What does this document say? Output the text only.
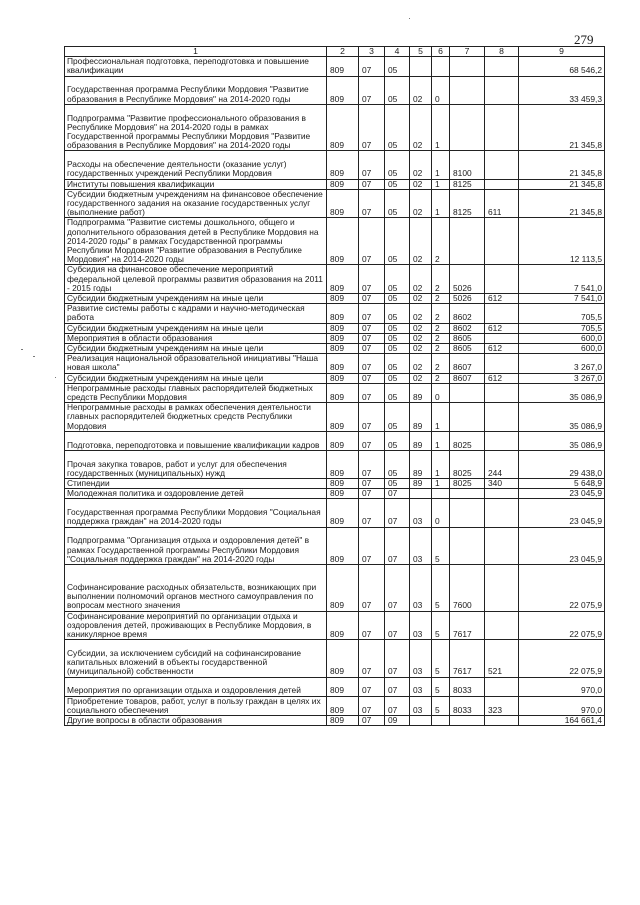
279
1	2	3	4	5	6	7	8	9
Профессиональная подготовка, переподготовка и повышение квалификации	809	07	05					68 546,2
Государственная программа Республики Мордовия "Развитие образования в Республике Мордовия" на 2014-2020 годы	809	07	05	02	0			33 459,3
Подпрограмма "Развитие профессионального образования в Республике Мордовия" на 2014-2020 годы в рамках Государственной программы Республики Мордовия "Развитие образования в Республике Мордовия" на 2014-2020 годы	809	07	05	02	1			21 345,8
Расходы на обеспечение деятельности (оказание услуг) государственных учреждений Республики Мордовия	809	07	05	02	1	8100		21 345,8
Институты повышения квалификации	809	07	05	02	1	8125		21 345,8
Субсидии бюджетным учреждениям на финансовое обеспечение государственного задания на оказание государственных услуг (выполнение работ)	809	07	05	02	1	8125	611	21 345,8
Подпрограмма "Развитие системы дошкольного, общего и дополнительного образования детей в Республике Мордовия на 2014-2020 годы" в рамках Государственной программы Республики Мордовия "Развитие образования в Республике Мордовия" на 2014-2020 годы	809	07	05	02	2			12 113,5
Субсидия на финансовое обеспечение мероприятий федеральной целевой программы развития образования на 2011 - 2015 годы	809	07	05	02	2	5026		7 541,0
Субсидии бюджетным учреждениям на иные цели	809	07	05	02	2	5026	612	7 541,0
Развитие системы работы с кадрами и научно-методическая работа	809	07	05	02	2	8602		705,5
Субсидии бюджетным учреждениям на иные цели	809	07	05	02	2	8602	612	705,5
Мероприятия в области образования	809	07	05	02	2	8605		600,0
Субсидии бюджетным учреждениям на иные цели	809	07	05	02	2	8605	612	600,0
Реализация национальной образовательной инициативы "Наша новая школа"	809	07	05	02	2	8607		3 267,0
Субсидии бюджетным учреждениям на иные цели	809	07	05	02	2	8607	612	3 267,0
Непрограммные расходы главных распорядителей бюджетных средств Республики Мордовия	809	07	05	89	0			35 086,9
Непрограммные расходы в рамках обеспечения деятельности главных распорядителей бюджетных средств Республики Мордовия	809	07	05	89	1			35 086,9
Подготовка, переподготовка и повышение квалификации кадров	809	07	05	89	1	8025		35 086,9
Прочая закупка товаров, работ и услуг для обеспечения государственных (муниципальных) нужд	809	07	05	89	1	8025	244	29 438,0
Стипендии	809	07	05	89	1	8025	340	5 648,9
Молодежная политика и оздоровление детей	809	07	07					23 045,9
Государственная программа Республики Мордовия "Социальная поддержка граждан" на 2014-2020 годы	809	07	07	03	0			23 045,9
Подпрограмма "Организация отдыха и оздоровления детей" в рамках Государственной программы Республики Мордовия "Социальная поддержка граждан" на 2014-2020 годы	809	07	07	03	5			23 045,9
Софинансирование расходных обязательств, возникающих при выполнении полномочий органов местного самоуправления по вопросам местного значения	809	07	07	03	5	7600		22 075,9
Софинансирование мероприятий по организации отдыха и оздоровления детей, проживающих в Республике Мордовия, в каникулярное время	809	07	07	03	5	7617		22 075,9
Субсидии, за исключением субсидий на софинансирование капитальных вложений в объекты государственной (муниципальной) собственности	809	07	07	03	5	7617	521	22 075,9
Мероприятия по организации отдыха и оздоровления детей	809	07	07	03	5	8033		970,0
Приобретение товаров, работ, услуг в пользу граждан в целях их социального обеспечения	809	07	07	03	5	8033	323	970,0
Другие вопросы в области образования	809	07	09					164 661,4
